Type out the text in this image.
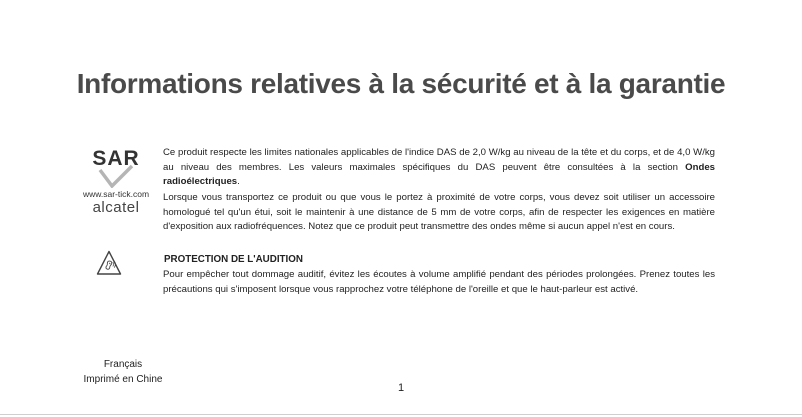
Informations relatives à la sécurité et à la garantie
SAR
www.sar-tick.com
alcatel
Ce produit respecte les limites nationales applicables de l'indice DAS de 2,0 W/kg au niveau de la tête et du corps, et de 4,0 W/kg au niveau des membres. Les valeurs maximales spécifiques du DAS peuvent être consultées à la section Ondes radioélectriques.
Lorsque vous transportez ce produit ou que vous le portez à proximité de votre corps, vous devez soit utiliser un accessoire homologué tel qu'un étui, soit le maintenir à une distance de 5 mm de votre corps, afin de respecter les exigences en matière d'exposition aux radiofréquences. Notez que ce produit peut transmettre des ondes même si aucun appel n'est en cours.
PROTECTION DE L'AUDITION
Pour empêcher tout dommage auditif, évitez les écoutes à volume amplifié pendant des périodes prolongées. Prenez toutes les précautions qui s'imposent lorsque vous rapprochez votre téléphone de l'oreille et que le haut-parleur est activé.
Français
Imprimé en Chine
1
